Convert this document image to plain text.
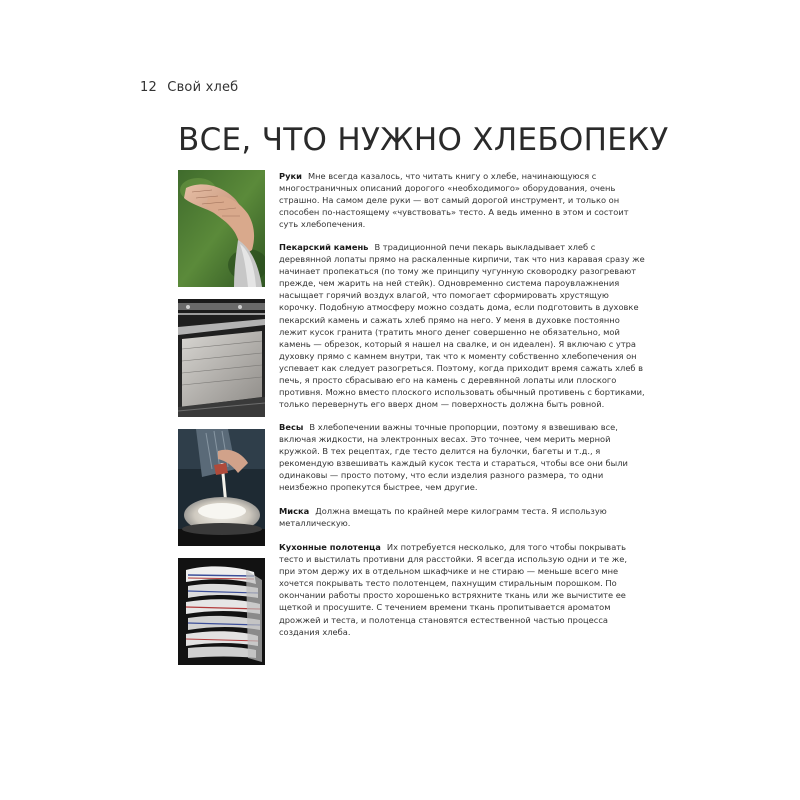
12 Свой хлеб
ВСЕ, ЧТО НУЖНО ХЛЕБОПЕКУ
Руки Мне всегда казалось, что читать книгу о хлебе, начинающуюся с многостраничных описаний дорогого «необходимого» оборудования, очень страшно. На самом деле руки — вот самый дорогой инструмент, и только он способен по-настоящему «чувствовать» тесто. А ведь именно в этом и состоит суть хлебопечения.
Пекарский камень В традиционной печи пекарь выкладывает хлеб с деревянной лопаты прямо на раскаленные кирпичи, так что низ каравая сразу же начинает пропекаться (по тому же принципу чугунную сковородку разогревают прежде, чем жарить на ней стейк). Одновременно система пароувлажнения насыщает горячий воздух влагой, что помогает сформировать хрустящую корочку. Подобную атмосферу можно создать дома, если подготовить в духовке пекарский камень и сажать хлеб прямо на него. У меня в духовке постоянно лежит кусок гранита (тратить много денег совершенно не обязательно, мой камень — обрезок, который я нашел на свалке, и он идеален). Я включаю с утра духовку прямо с камнем внутри, так что к моменту собственно хлебопечения он успевает как следует разогреться. Поэтому, когда приходит время сажать хлеб в печь, я просто сбрасываю его на камень с деревянной лопаты или плоского противня. Можно вместо плоского использовать обычный противень с бортиками, только перевернуть его вверх дном — поверхность должна быть ровной.
Весы В хлебопечении важны точные пропорции, поэтому я взвешиваю все, включая жидкости, на электронных весах. Это точнее, чем мерить мерной кружкой. В тех рецептах, где тесто делится на булочки, багеты и т.д., я рекомендую взвешивать каждый кусок теста и стараться, чтобы все они были одинаковы — просто потому, что если изделия разного размера, то одни неизбежно пропекутся быстрее, чем другие.
Миска Должна вмещать по крайней мере килограмм теста. Я использую металлическую.
Кухонные полотенца Их потребуется несколько, для того чтобы покрывать тесто и выстилать противни для расстойки. Я всегда использую одни и те же, при этом держу их в отдельном шкафчике и не стираю — меньше всего мне хочется покрывать тесто полотенцем, пахнущим стиральным порошком. По окончании работы просто хорошенько встряхните ткань или же вычистите ее щеткой и просушите. С течением времени ткань пропитывается ароматом дрожжей и теста, и полотенца становятся естественной частью процесса создания хлеба.
